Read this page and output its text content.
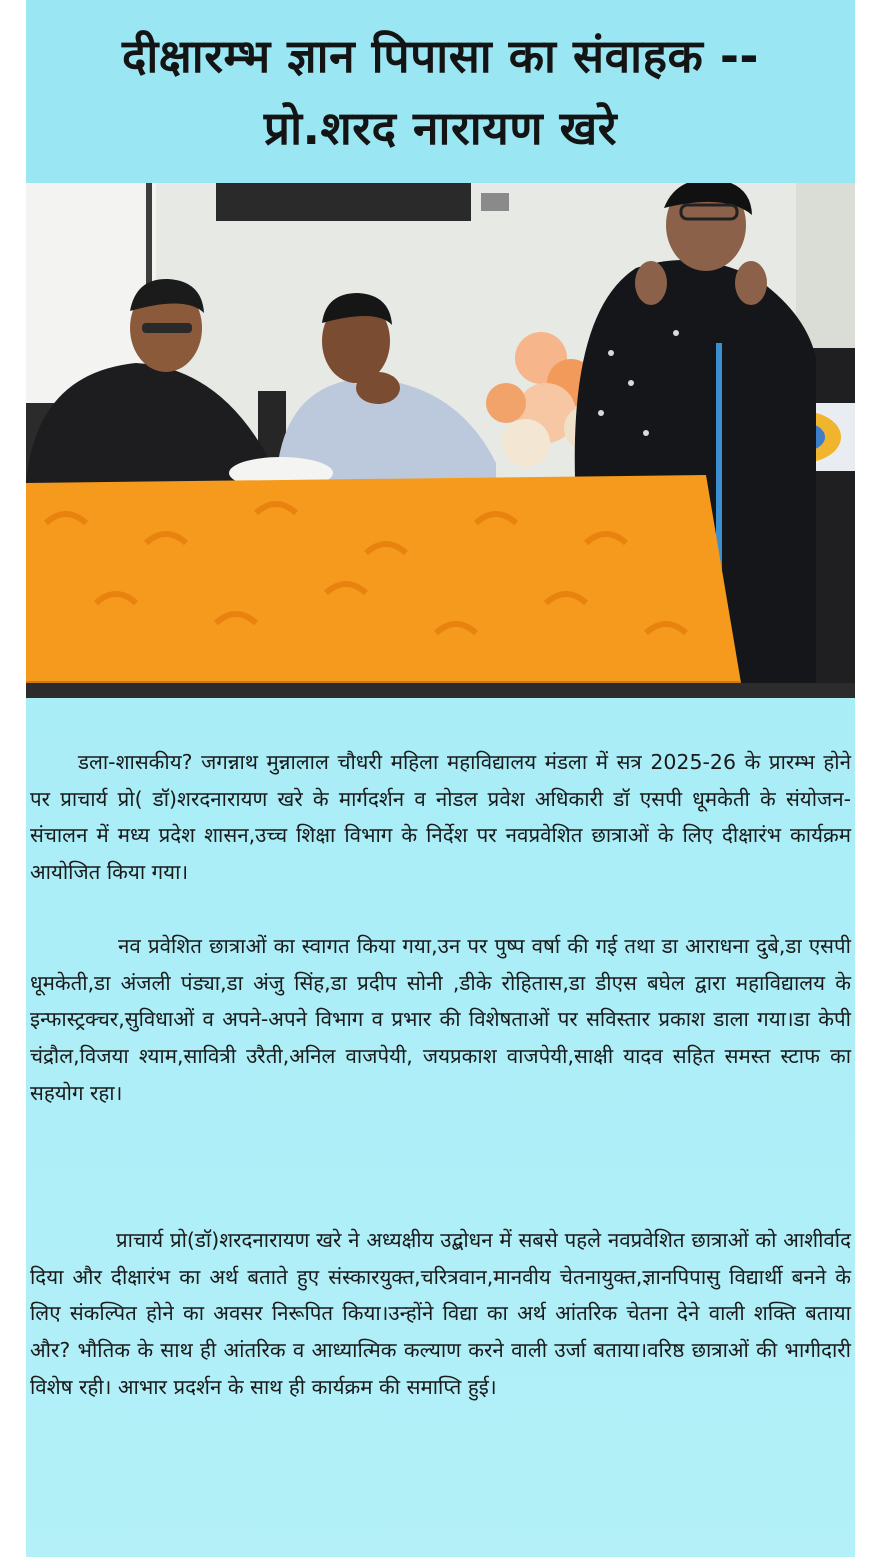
दीक्षारम्भ ज्ञान पिपासा का संवाहक --
प्रो.शरद नारायण खरे
डला-शासकीय? जगन्नाथ मुन्नालाल चौधरी महिला महाविद्यालय मंडला में सत्र 2025-26 के प्रारम्भ होने पर प्राचार्य प्रो( डॉ)शरदनारायण खरे के मार्गदर्शन व नोडल प्रवेश अधिकारी डॉ एसपी धूमकेती के संयोजन-संचालन में मध्य प्रदेश शासन,उच्च शिक्षा विभाग के निर्देश पर नवप्रवेशित छात्राओं के लिए दीक्षारंभ कार्यक्रम आयोजित किया गया।
नव प्रवेशित छात्राओं का स्वागत किया गया,उन पर पुष्प वर्षा की गई तथा डा आराधना दुबे,डा एसपी धूमकेती,डा अंजली पंड्या,डा अंजु सिंह,डा प्रदीप सोनी ,डीके रोहितास,डा डीएस बघेल द्वारा महाविद्यालय के इन्फास्ट्रक्चर,सुविधाओं व अपने-अपने विभाग व प्रभार की विशेषताओं पर सविस्तार प्रकाश डाला गया।डा केपी चंद्रौल,विजया श्याम,सावित्री उरैती,अनिल वाजपेयी, जयप्रकाश वाजपेयी,साक्षी यादव सहित समस्त स्टाफ का सहयोग रहा।
प्राचार्य प्रो(डॉ)शरदनारायण खरे ने अध्यक्षीय उद्बोधन में सबसे पहले नवप्रवेशित छात्राओं को आशीर्वाद दिया और दीक्षारंभ का अर्थ बताते हुए संस्कारयुक्त,चरित्रवान,मानवीय चेतनायुक्त,ज्ञानपिपासु विद्यार्थी बनने के लिए संकल्पित होने का अवसर निरूपित किया।उन्होंने विद्या का अर्थ आंतरिक चेतना देने वाली शक्ति बताया और? भौतिक के साथ ही आंतरिक व आध्यात्मिक कल्याण करने वाली उर्जा बताया।वरिष्ठ छात्राओं की भागीदारी विशेष रही। आभार प्रदर्शन के साथ ही कार्यक्रम की समाप्ति हुई।
